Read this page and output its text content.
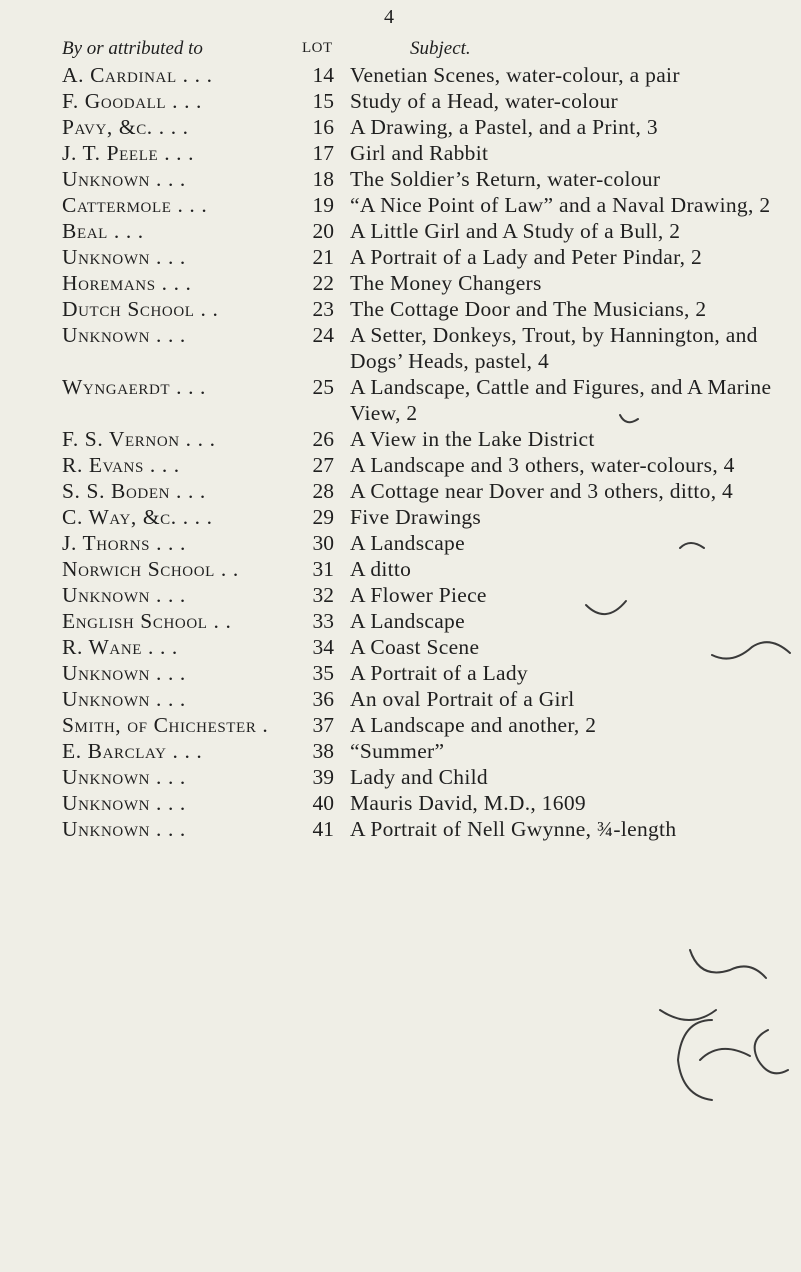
4
By or attributed to	LOT	Subject.
A. Cardinal . . .	14 Venetian Scenes, water-colour, a pair
F. Goodall . . .	15 Study of a Head, water-colour
Pavy, &c. . . .	16 A Drawing, a Pastel, and a Print, 3
J. T. Peele . . .	17 Girl and Rabbit
Unknown . . .	18 The Soldier’s Return, water-colour
Cattermole . . .	19 “A Nice Point of Law” and a Naval Drawing, 2
Beal . . .	20 A Little Girl and A Study of a Bull, 2
Unknown . . .	21 A Portrait of a Lady and Peter Pindar, 2
Horemans . . .	22 The Money Changers
Dutch School . .	23 The Cottage Door and The Musicians, 2
Unknown . . .	24 A Setter, Donkeys, Trout, by Hannington, and Dogs’ Heads, pastel, 4
Wyngaerdt . . .	25 A Landscape, Cattle and Figures, and A Marine View, 2
F. S. Vernon . . .	26 A View in the Lake District
R. Evans . . .	27 A Landscape and 3 others, water-colours, 4
S. S. Boden . . .	28 A Cottage near Dover and 3 others, ditto, 4
C. Way, &c. . . .	29 Five Drawings
J. Thorns . . .	30 A Landscape
Norwich School . .	31 A ditto
Unknown . . .	32 A Flower Piece
English School . .	33 A Landscape
R. Wane . . .	34 A Coast Scene
Unknown . . .	35 A Portrait of a Lady
Unknown . . .	36 An oval Portrait of a Girl
Smith, of Chichester .	37 A Landscape and another, 2
E. Barclay . . .	38 “Summer”
Unknown . . .	39 Lady and Child
Unknown . . .	40 Mauris David, M.D., 1609
Unknown . . .	41 A Portrait of Nell Gwynne, ¾-length
